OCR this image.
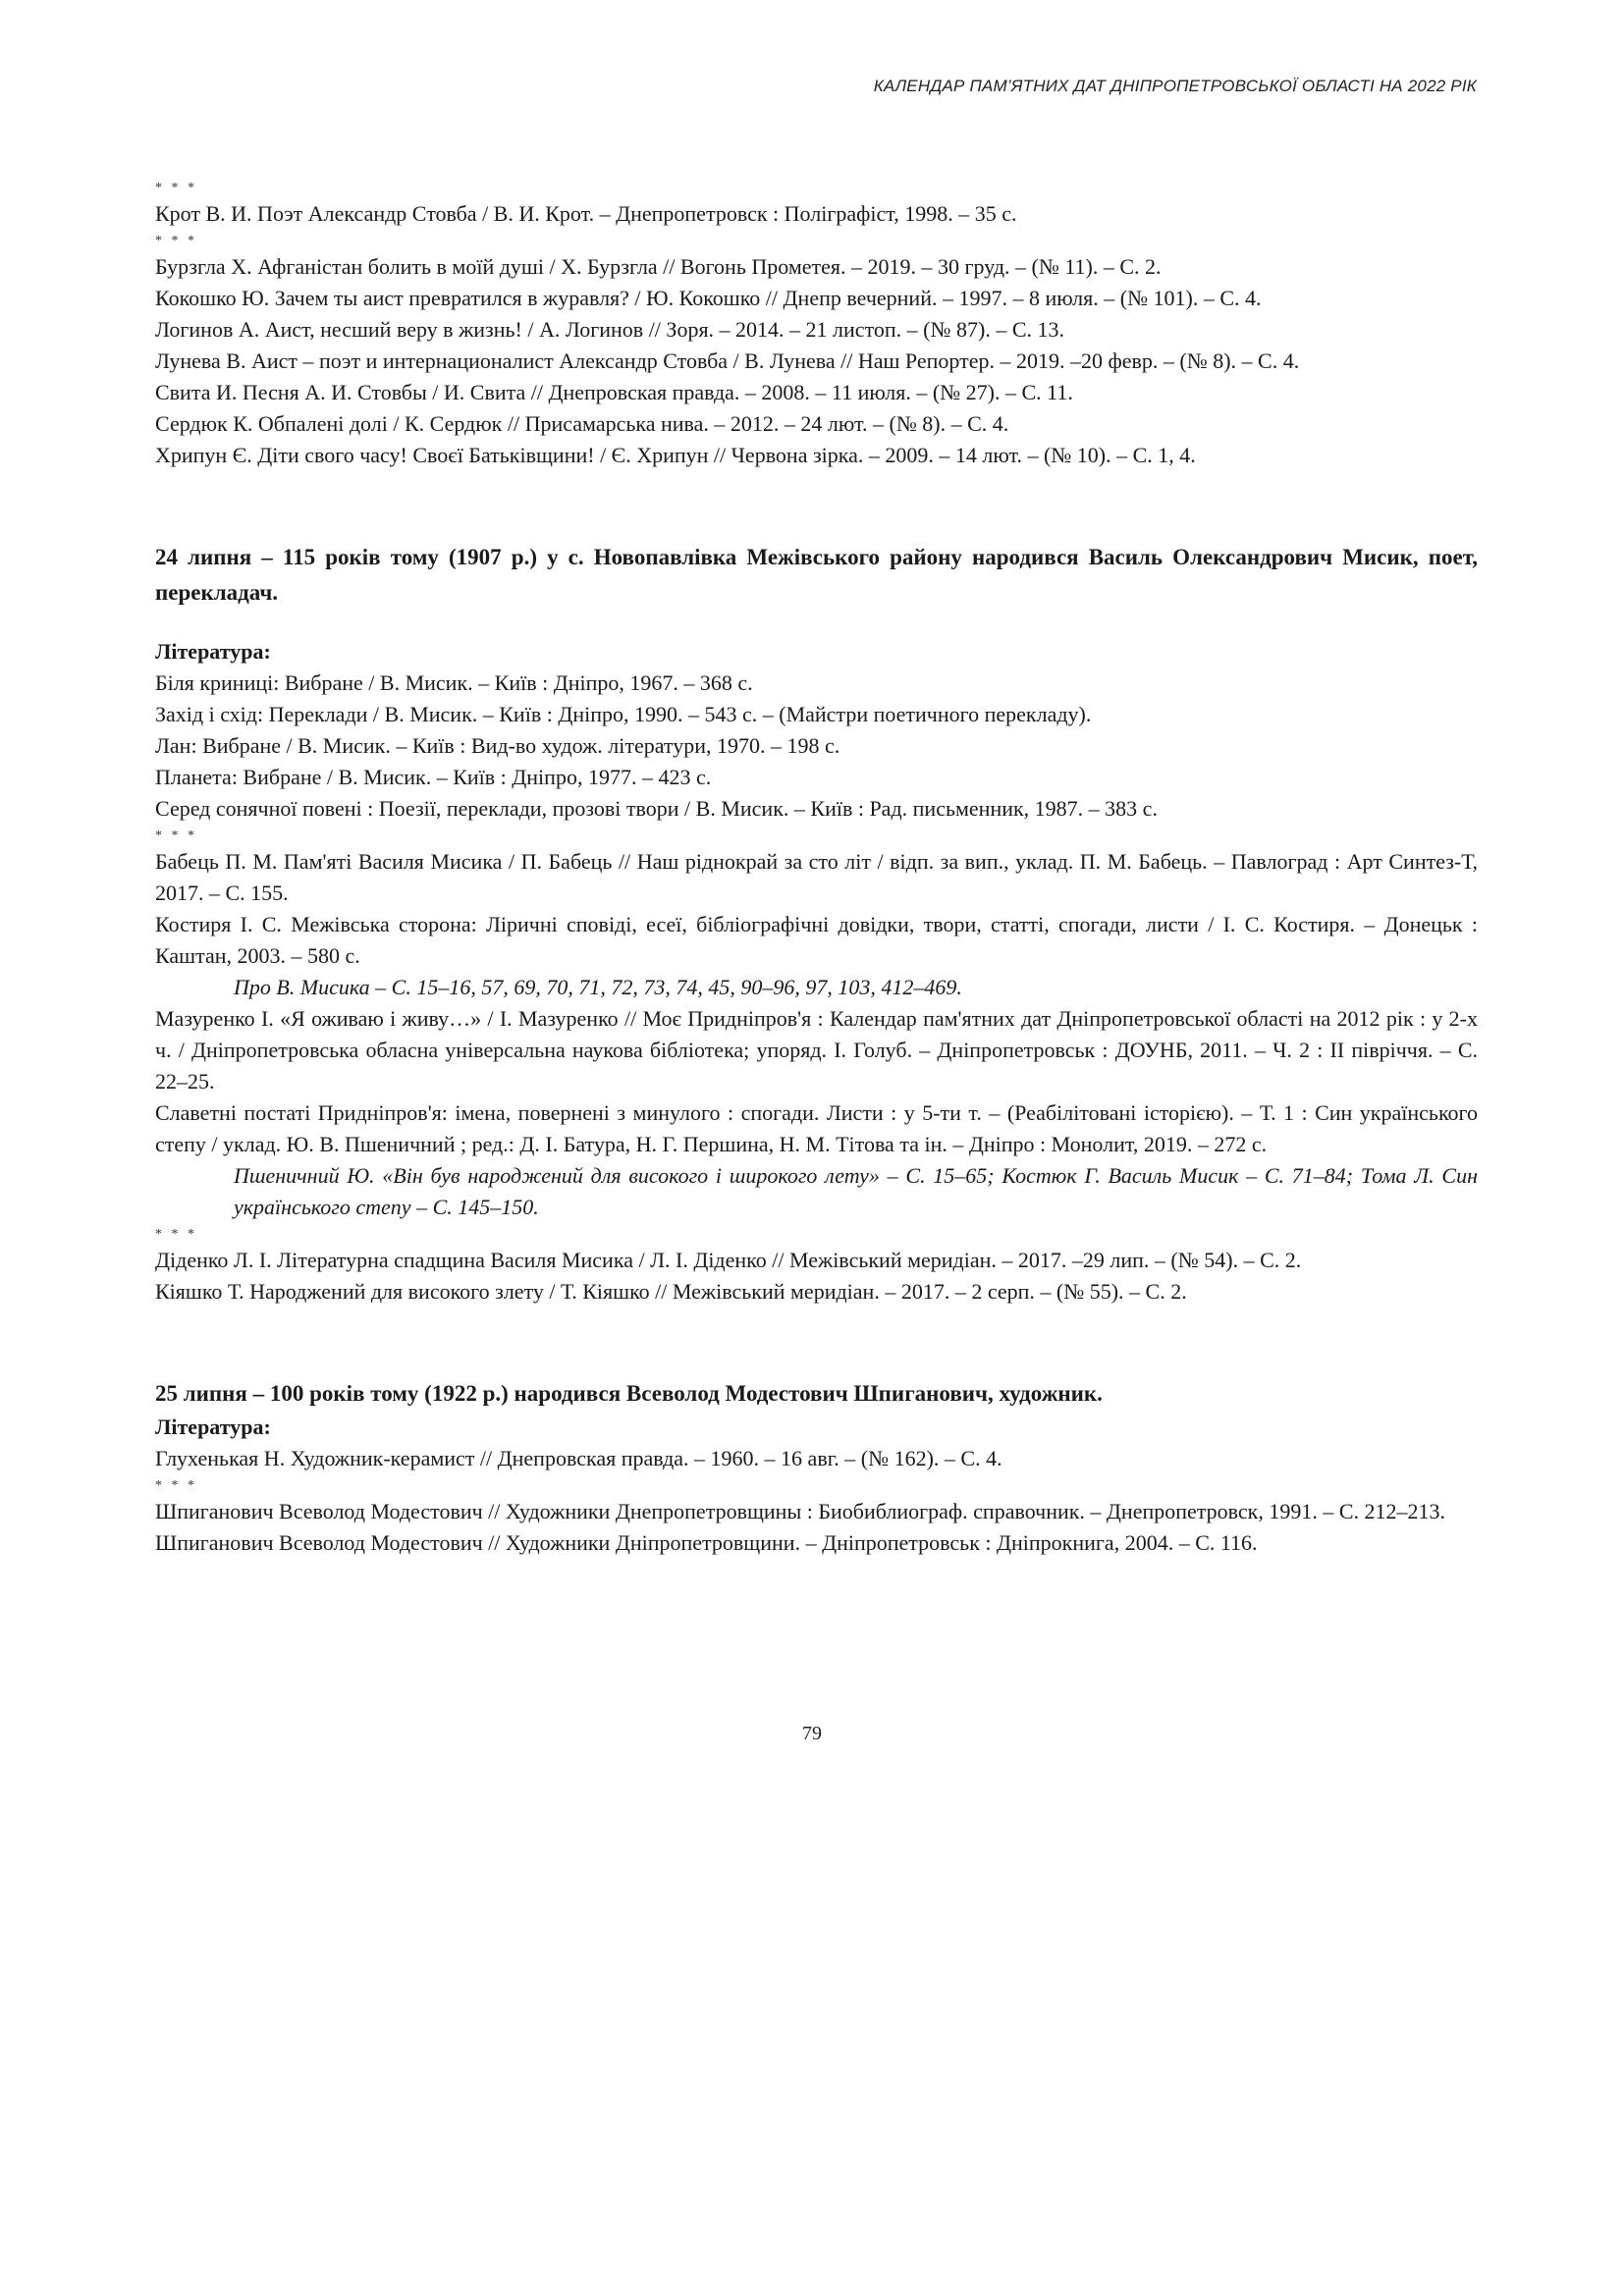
КАЛЕНДАР ПАМ’ЯТНИХ ДАТ ДНІПРОПЕТРОВСЬКОЇ ОБЛАСТІ НА 2022 РІК
* * *

Крот В. И. Поэт Александр Стовба / В. И. Крот. – Днепропетровск : Поліграфіст, 1998. – 35 с.

* * *

Бурзгла Х. Афганістан болить в моїй душі / Х. Бурзгла // Вогонь Прометея. – 2019. – 30 груд. – (№ 11). – С. 2.

Кокошко Ю. Зачем ты аист превратился в журавля? / Ю. Кокошко // Днепр вечерний. – 1997. – 8 июля. – (№ 101). – С. 4.

Логинов А. Аист, несший веру в жизнь! / А. Логинов // Зоря. – 2014. – 21 листоп. – (№ 87). – С. 13.

Лунева В. Аист – поэт и интернационалист Александр Стовба / В. Лунева // Наш Репортер. – 2019. –20 февр. – (№ 8). – С. 4.

Свита И. Песня А. И. Стовбы / И. Свита // Днепровская правда. – 2008. – 11 июля. – (№ 27). – С. 11.

Сердюк К. Обпалені долі / К. Сердюк // Присамарська нива. – 2012. – 24 лют. – (№ 8). – С. 4.

Хрипун Є. Діти свого часу! Своєї Батьківщини! / Є. Хрипун // Червона зірка. – 2009. – 14 лют. – (№ 10). – С. 1, 4.

24 липня – 115 років тому (1907 р.) у с. Новопавлівка Межівського району народився Василь Олександрович Мисик, поет, перекладач.

Література:

Біля криниці: Вибране / В. Мисик. – Київ : Дніпро, 1967. – 368 с.

Захід і схід: Переклади / В. Мисик. – Київ : Дніпро, 1990. – 543 с. – (Майстри поетичного перекладу).

Лан: Вибране / В. Мисик. – Київ : Вид-во худож. літератури, 1970. – 198 с.

Планета: Вибране / В. Мисик. – Київ : Дніпро, 1977. – 423 с.

Серед сонячної повені : Поезії, переклади, прозові твори / В. Мисик. – Київ : Рад. письменник, 1987. – 383 с.

* * *

Бабець П. М. Пам'яті Василя Мисика / П. Бабець // Наш ріднокрай за сто літ / відп. за вип., уклад. П. М. Бабець. – Павлоград : Арт Синтез-Т, 2017. – С. 155.

Костиря І. С. Межівська сторона: Ліричні сповіді, есеї, бібліографічні довідки, твори, статті, спогади, листи / І. С. Костиря. – Донецьк : Каштан, 2003. – 580 с.

Про В. Мисика – С. 15–16, 57, 69, 70, 71, 72, 73, 74, 45, 90–96, 97, 103, 412–469.

Мазуренко І. «Я оживаю і живу…» / І. Мазуренко // Моє Придніпров'я : Календар пам'ятних дат Дніпропетровської області на 2012 рік : у 2-х ч. / Дніпропетровська обласна універсальна наукова бібліотека; упоряд. І. Голуб. – Дніпропетровськ : ДОУНБ, 2011. – Ч. 2 : ІІ півріччя. – С. 22–25.

Славетні постаті Придніпров'я: імена, повернені з минулого : спогади. Листи : у 5-ти т. – (Реабілітовані історією). – Т. 1 : Син українського степу / уклад. Ю. В. Пшеничний ; ред.: Д. І. Батура, Н. Г. Першина, Н. М. Тітова та ін. – Дніпро : Монолит, 2019. – 272 с.

Пшеничний Ю. «Він був народжений для високого і широкого лету» – С. 15–65; Костюк Г. Василь Мисик – С. 71–84; Тома Л. Син українського степу – С. 145–150.

* * *

Діденко Л. І. Літературна спадщина Василя Мисика / Л. І. Діденко // Межівський меридіан. – 2017. –29 лип. – (№ 54). – С. 2.

Кіяшко Т. Народжений для високого злету / Т. Кіяшко // Межівський меридіан. – 2017. – 2 серп. – (№ 55). – С. 2.

25 липня – 100 років тому (1922 р.) народився Всеволод Модестович Шпиганович, художник.

Література:

Глухенькая Н. Художник-керамист // Днепровская правда. – 1960. – 16 авг. – (№ 162). – С. 4.

* * *

Шпиганович Всеволод Модестович // Художники Днепропетровщины : Биобиблиограф. справочник. – Днепропетровск, 1991. – С. 212–213.

Шпиганович Всеволод Модестович // Художники Дніпропетровщини. – Дніпропетровськ : Дніпрокнига, 2004. – С. 116.

79
